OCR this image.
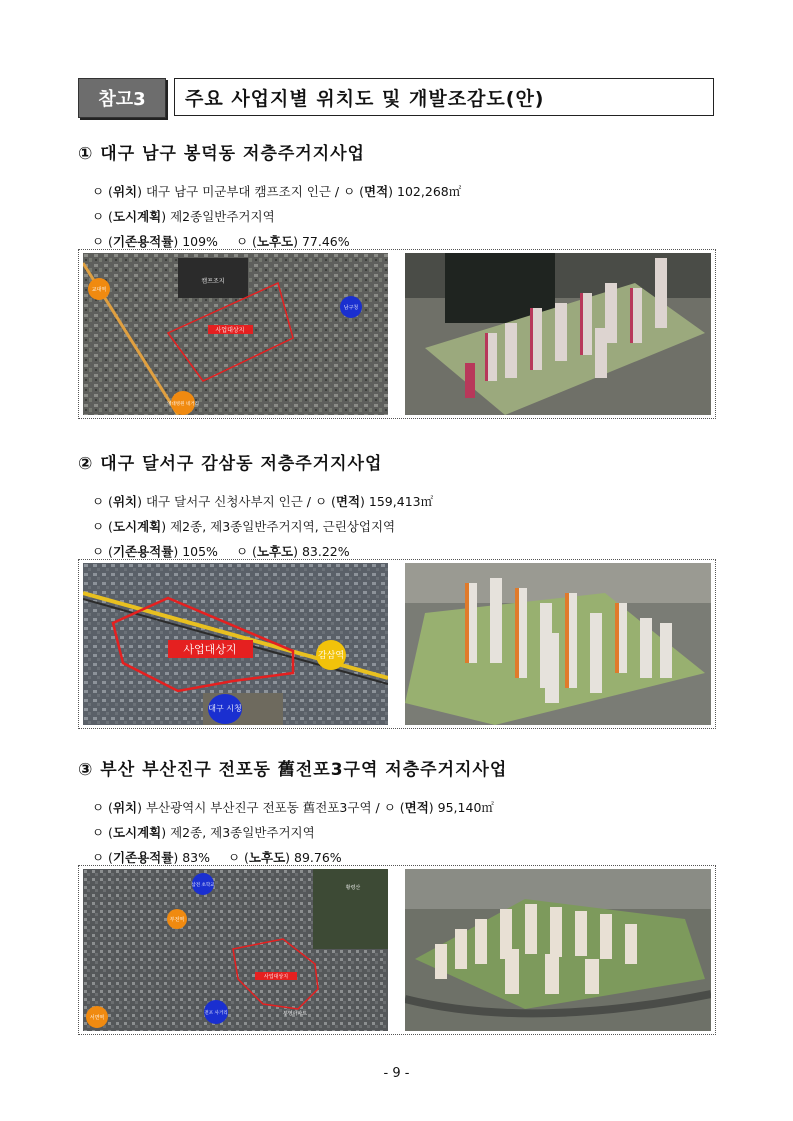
참고3	주요 사업지별 위치도 및 개발조감도(안)
① 대구 남구 봉덕동 저층주거지사업
ㅇ (위치) 대구 남구 미군부대 캠프조지 인근 / ㅇ (면적) 102,268㎡
ㅇ (도시계획) 제2종일반주거지역
ㅇ (기존용적률) 109% ㅇ (노후도) 77.46%
캠프조지
사업대상지
교대역
남구청
영대병원 네거리
② 대구 달서구 감삼동 저층주거지사업
ㅇ (위치) 대구 달서구 신청사부지 인근 / ㅇ (면적) 159,413㎡
ㅇ (도시계획) 제2종, 제3종일반주거지역, 근린상업지역
ㅇ (기존용적률) 105% ㅇ (노후도) 83.22%
사업대상지	감삼역
대구 시청
③ 부산 부산진구 전포동 舊전포3구역 저층주거지사업
ㅇ (위치) 부산광역시 부산진구 전포동 舊전포3구역 / ㅇ (면적) 95,140㎡
ㅇ (도시계획) 제2종, 제3종일반주거지역
ㅇ (기존용적률) 83% ㅇ (노후도) 89.76%
황령산
사업대상지
부영아파트
삼전 초학교
부전역
서면역
전포 사거리
- 9 -
